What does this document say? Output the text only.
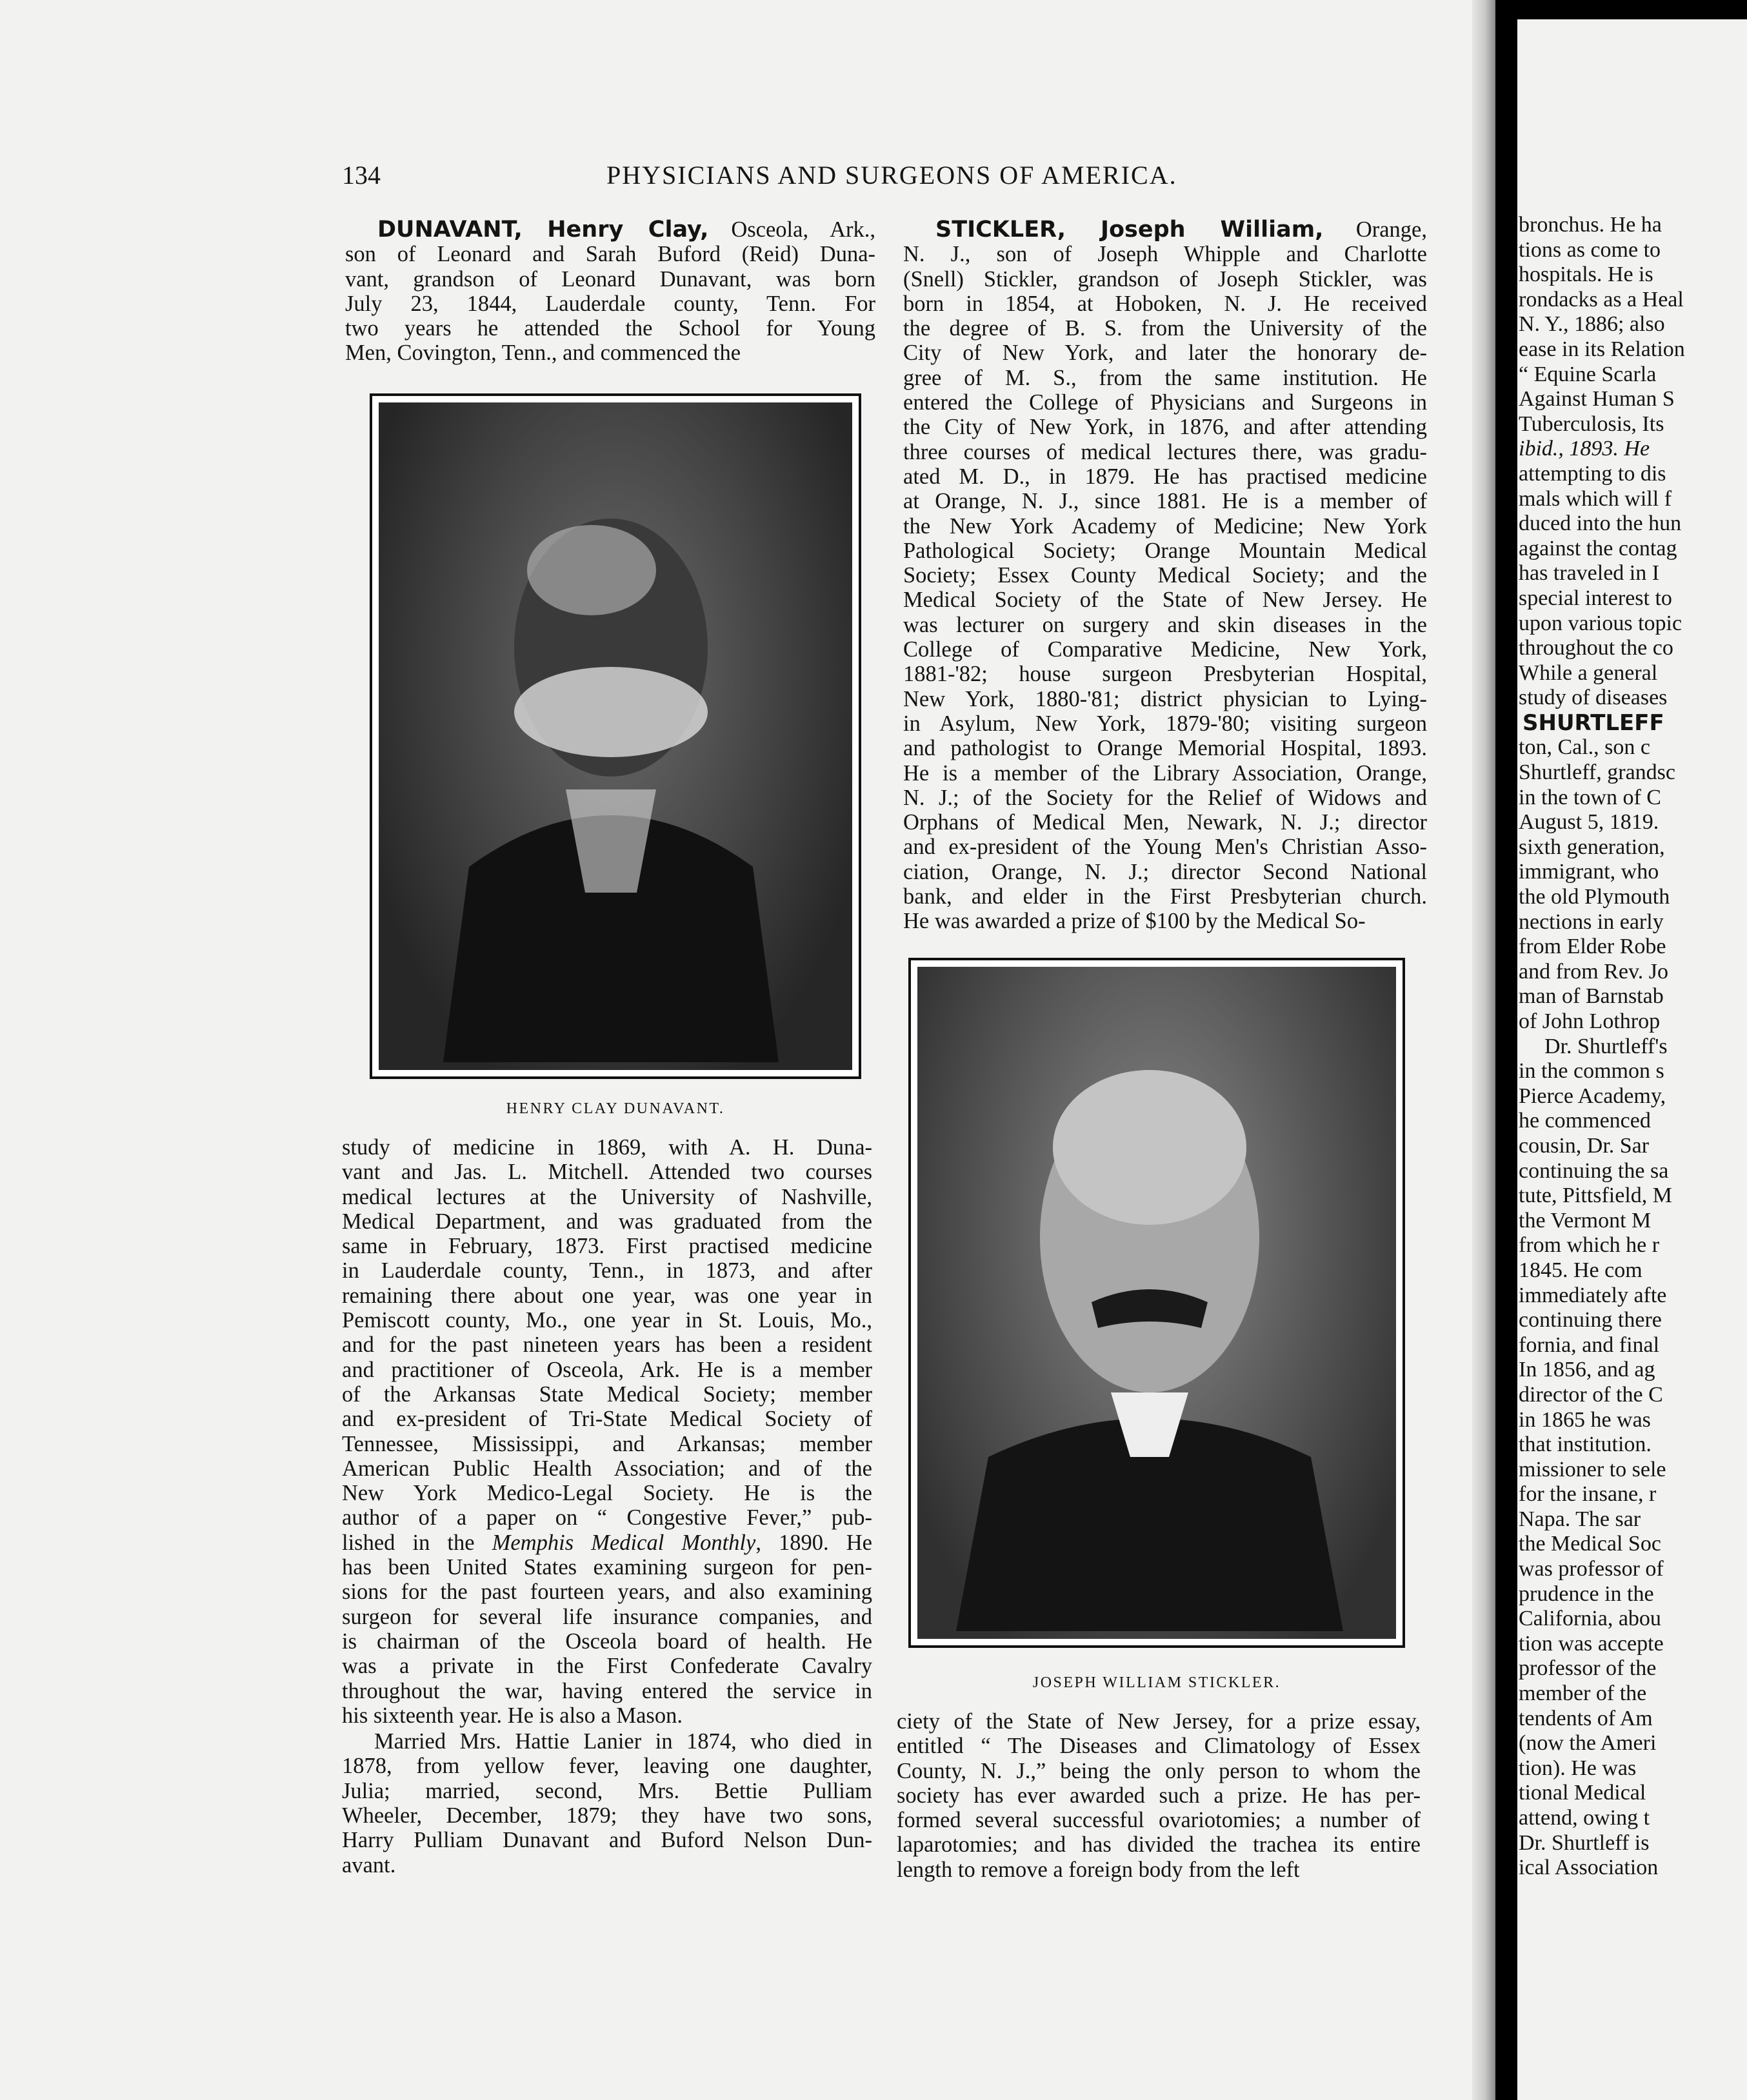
134	PHYSICIANS AND SURGEONS OF AMERICA.
DUNAVANT, Henry Clay, Osceola, Ark.,
son of Leonard and Sarah Buford (Reid) Duna-
vant, grandson of Leonard Dunavant, was born
July 23, 1844, Lauderdale county, Tenn. For
two years he attended the School for Young
Men, Covington, Tenn., and commenced the
HENRY CLAY DUNAVANT.
study of medicine in 1869, with A. H. Duna-
vant and Jas. L. Mitchell. Attended two courses
medical lectures at the University of Nashville,
Medical Department, and was graduated from the
same in February, 1873. First practised medicine
in Lauderdale county, Tenn., in 1873, and after
remaining there about one year, was one year in
Pemiscott county, Mo., one year in St. Louis, Mo.,
and for the past nineteen years has been a resident
and practitioner of Osceola, Ark. He is a member
of the Arkansas State Medical Society; member
and ex-president of Tri-State Medical Society of
Tennessee, Mississippi, and Arkansas; member
American Public Health Association; and of the
New York Medico-Legal Society. He is the
author of a paper on “ Congestive Fever,” pub-
lished in the Memphis Medical Monthly, 1890. He
has been United States examining surgeon for pen-
sions for the past fourteen years, and also examining
surgeon for several life insurance companies, and
is chairman of the Osceola board of health. He
was a private in the First Confederate Cavalry
throughout the war, having entered the service in
his sixteenth year. He is also a Mason.
Married Mrs. Hattie Lanier in 1874, who died in
1878, from yellow fever, leaving one daughter,
Julia; married, second, Mrs. Bettie Pulliam
Wheeler, December, 1879; they have two sons,
Harry Pulliam Dunavant and Buford Nelson Dun-
avant.
STICKLER, Joseph William, Orange,
N. J., son of Joseph Whipple and Charlotte
(Snell) Stickler, grandson of Joseph Stickler, was
born in 1854, at Hoboken, N. J. He received
the degree of B. S. from the University of the
City of New York, and later the honorary de-
gree of M. S., from the same institution. He
entered the College of Physicians and Surgeons in
the City of New York, in 1876, and after attending
three courses of medical lectures there, was gradu-
ated M. D., in 1879. He has practised medicine
at Orange, N. J., since 1881. He is a member of
the New York Academy of Medicine; New York
Pathological Society; Orange Mountain Medical
Society; Essex County Medical Society; and the
Medical Society of the State of New Jersey. He
was lecturer on surgery and skin diseases in the
College of Comparative Medicine, New York,
1881-'82; house surgeon Presbyterian Hospital,
New York, 1880-'81; district physician to Lying-
in Asylum, New York, 1879-'80; visiting surgeon
and pathologist to Orange Memorial Hospital, 1893.
He is a member of the Library Association, Orange,
N. J.; of the Society for the Relief of Widows and
Orphans of Medical Men, Newark, N. J.; director
and ex-president of the Young Men's Christian Asso-
ciation, Orange, N. J.; director Second National
bank, and elder in the First Presbyterian church.
He was awarded a prize of $100 by the Medical So-
JOSEPH WILLIAM STICKLER.
ciety of the State of New Jersey, for a prize essay,
entitled “ The Diseases and Climatology of Essex
County, N. J.,” being the only person to whom the
society has ever awarded such a prize. He has per-
formed several successful ovariotomies; a number of
laparotomies; and has divided the trachea its entire
length to remove a foreign body from the left
bronchus. He ha
tions as come to
hospitals. He is
rondacks as a Heal
N. Y., 1886; also
ease in its Relation
“ Equine Scarla
Against Human S
Tuberculosis, Its
ibid., 1893. He
attempting to dis
mals which will f
duced into the hun
against the contag
has traveled in I
special interest to
upon various topic
throughout the co
While a general
study of diseases
SHURTLEFF
ton, Cal., son c
Shurtleff, grandsc
in the town of C
August 5, 1819.
sixth generation,
immigrant, who
the old Plymouth
nections in early
from Elder Robe
and from Rev. Jo
man of Barnstab
of John Lothrop
Dr. Shurtleff's
in the common s
Pierce Academy,
he commenced
cousin, Dr. Sar
continuing the sa
tute, Pittsfield, M
the Vermont M
from which he r
1845. He com
immediately afte
continuing there
fornia, and final
In 1856, and ag
director of the C
in 1865 he was
that institution.
missioner to sele
for the insane, r
Napa. The sar
the Medical Soc
was professor of
prudence in the
California, abou
tion was accepte
professor of the
member of the
tendents of Am
(now the Ameri
tion). He was
tional Medical
attend, owing t
Dr. Shurtleff is
ical Association
